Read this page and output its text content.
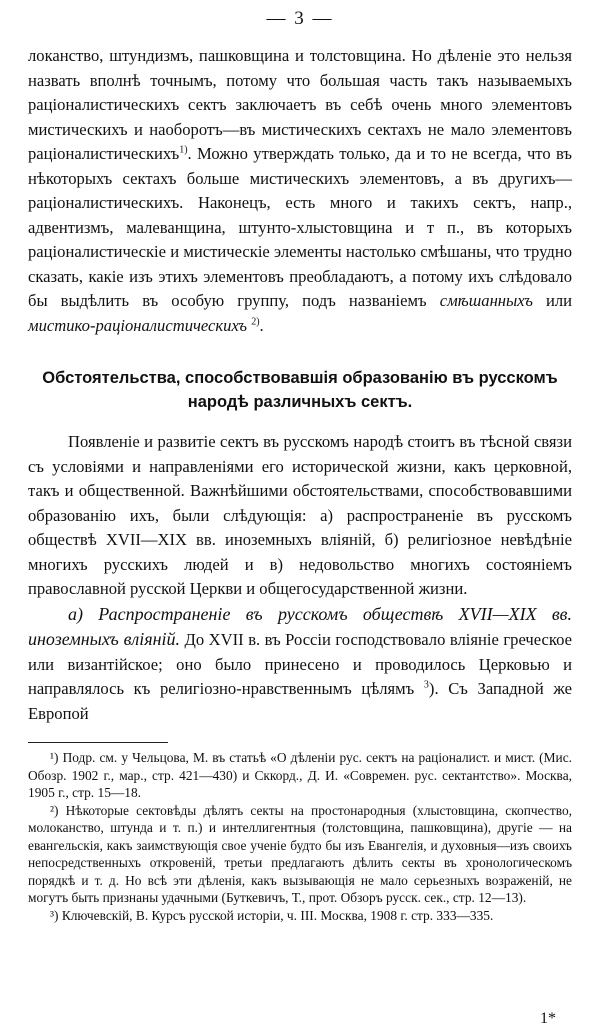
— 3 —

локанство, штундизмъ, пашковщина и толстовщина. Но дѣленіе это нельзя назвать вполнѣ точнымъ, потому что большая часть такъ называемыхъ раціоналистическихъ сектъ заключаетъ въ себѣ очень много элементовъ мистическихъ и наоборотъ—въ мистическихъ сектахъ не мало элементовъ раціоналистическихъ$^{1)}$. Можно утверждать только, да и то не всегда, что въ нѣкоторыхъ сектахъ больше мистическихъ элементовъ, а въ другихъ—раціоналистическихъ. Наконецъ, есть много и такихъ сектъ, напр., адвентизмъ, малеванщина, штунто-хлыстовщина и т п., въ которыхъ раціоналистическіе и мистическіе элементы настолько смѣшаны, что трудно сказать, какіе изъ этихъ элементовъ преобладаютъ, а потому ихъ слѣдовало бы выдѣлить въ особую группу, подъ названіемъ смѣшанныхъ или мистико-раціоналистическихъ $^{2)}$.

Обстоятельства, способствовавшія образованію въ русскомъ
народѣ различныхъ сектъ.

Появленіе и развитіе сектъ въ русскомъ народѣ стоитъ въ тѣсной связи съ условіями и направленіями его исторической жизни, какъ церковной, такъ и общественной. Важнѣйшими обстоятельствами, способствовавшими образованію ихъ, были слѣдующія: а) распространеніе въ русскомъ обществѣ XVII—XIX вв. иноземныхъ вліяній, б) религіозное невѣдѣніе многихъ русскихъ людей и в) недовольство многихъ состояніемъ православной русской Церкви и общегосударственной жизни.

а) Распространеніе въ русскомъ обществѣ XVII—XIX вв. иноземныхъ вліяній. До XVII в. въ Россіи господствовало вліяніе греческое или византійское; оно было принесено и проводилось Церковью и направлялось къ религіозно-нравственнымъ цѣлямъ $^3$). Съ Западной же Европой

¹) Подр. см. у Чельцова, М. въ статьѣ «О дѣленіи рус. сектъ на раціоналист. и мист. (Мис. Обозр. 1902 г., мар., стр. 421—430) и Сккорд., Д. И. «Современ. рус. сектантство». Москва, 1905 г., стр. 15—18.

²) Нѣкоторые сектовѣды дѣлятъ секты на простонародныя (хлыстовщина, скопчество, молоканство, штунда и т. п.) и интеллигентныя (толстовщина, пашковщина), другіе — на евангельскія, какъ заимствующія свое ученіе будто бы изъ Евангелія, и духовныя—изъ своихъ непосредственныхъ откровеній, третьи предлагаютъ дѣлить секты въ хронологическомъ порядкѣ и т. д. Но всѣ эти дѣленія, какъ вызывающія не мало серьезныхъ возраженій, не могутъ быть признаны удачными (Буткевичъ, Т., прот. Обзоръ русск. сек., стр. 12—13).

³) Ключевскій, В. Курсъ русской исторіи, ч. III. Москва, 1908 г. стр. 333—335.

1*
